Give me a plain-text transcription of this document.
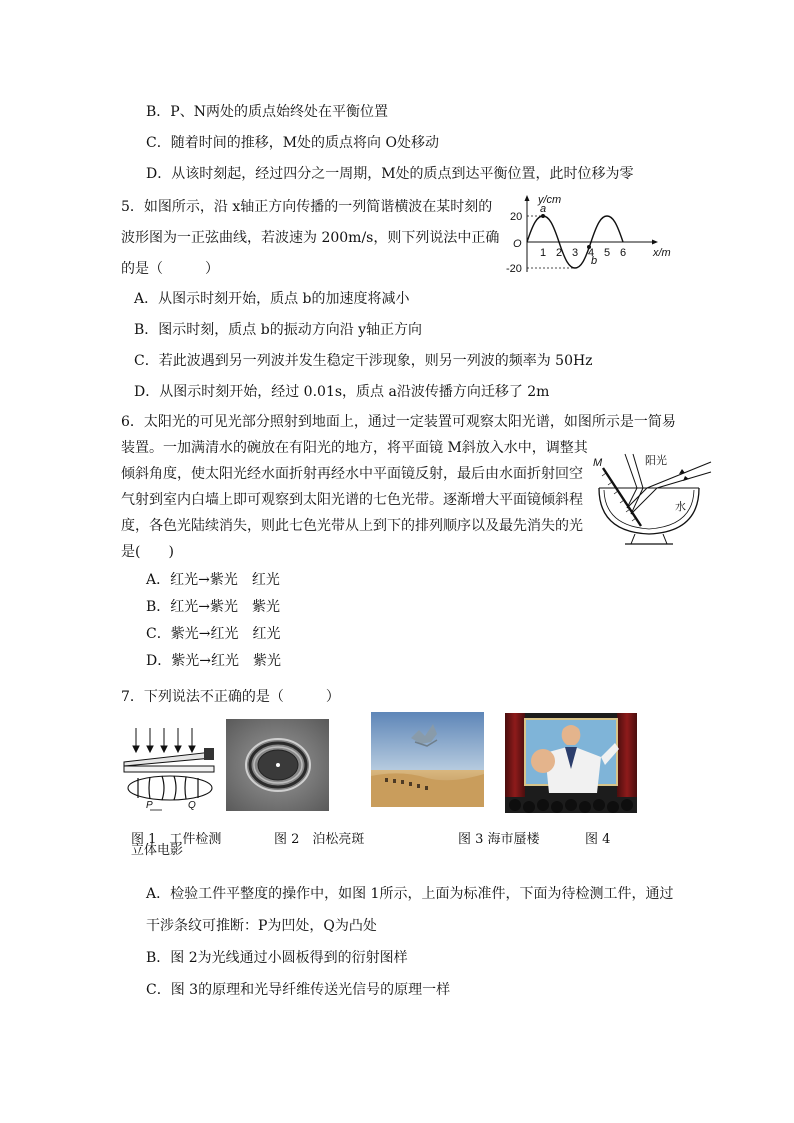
B．P、N两处的质点始终处在平衡位置
C．随着时间的推移，M处的质点将向 O处移动
D．从该时刻起，经过四分之一周期，M处的质点到达平衡位置，此时位移为零
5．如图所示，沿 x轴正方向传播的一列简谐横波在某时刻的
波形图为一正弦曲线，若波速为 200m/s，则下列说法中正确
的是（　　　）
A．从图示时刻开始，质点 b的加速度将减小
B．图示时刻，质点 b的振动方向沿 y轴正方向
C．若此波遇到另一列波并发生稳定干涉现象，则另一列波的频率为 50Hz
D．从图示时刻开始，经过 0.01s，质点 a沿波传播方向迁移了 2m
y/cm
x/m
20
-20
O
1 2 3 4 5 6
a
b
6．太阳光的可见光部分照射到地面上，通过一定装置可观察太阳光谱，如图所示是一简易
装置。一加满清水的碗放在有阳光的地方，将平面镜 M斜放入水中，调整其
倾斜角度，使太阳光经水面折射再经水中平面镜反射，最后由水面折射回空
气射到室内白墙上即可观察到太阳光谱的七色光带。逐渐增大平面镜倾斜程
度，各色光陆续消失，则此七色光带从上到下的排列顺序以及最先消失的光
是(　　)
A．红光→紫光　红光
B．红光→紫光　紫光
C．紫光→红光　红光
D．紫光→红光　紫光
M	阳光
水
7．下列说法不正确的是（　　　）
P	Q
图 1　工件检测
立体电影
图 2　泊松亮斑	图 3 海市蜃楼	图 4
A．检验工件平整度的操作中，如图 1所示，上面为标准件，下面为待检测工件，通过
干涉条纹可推断：P为凹处，Q为凸处
B．图 2为光线通过小圆板得到的衍射图样
C．图 3的原理和光导纤维传送光信号的原理一样
